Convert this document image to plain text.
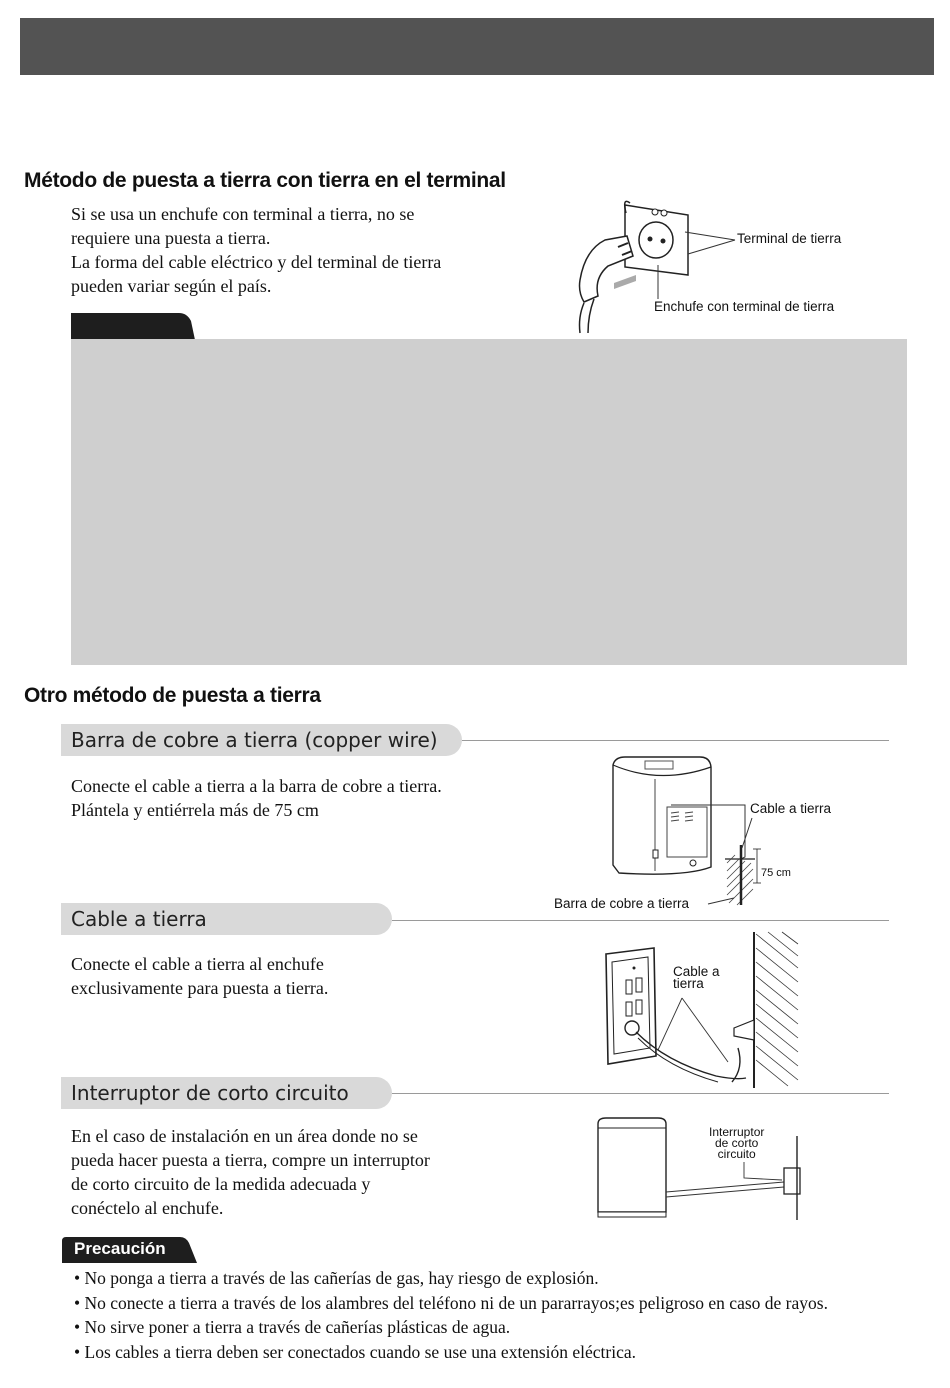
Método de puesta a tierra con tierra en el terminal

Si se usa un enchufe con terminal a tierra, no se

requiere una puesta a tierra.

La forma del cable eléctrico y del terminal de tierra

pueden variar según el país.

Terminal de tierra
Enchufe con terminal de tierra
Otro método de puesta a tierra
Barra de cobre a tierra (copper wire)

Conecte el cable a tierra a la barra de cobre a tierra.

Plántela y entiérrela más de 75 cm	Cable a tierra
75 cm
Barra de cobre a tierra
Cable a tierra

Conecte el cable a tierra al enchufe

exclusivamente para puesta a tierra.

Cable a
tierra
Interruptor de corto circuito

En el caso de instalación en un área donde no se

pueda hacer puesta a tierra, compre un interruptor

de corto circuito de la medida adecuada y

conéctelo al enchufe.

Interruptor
de corto
circuito
Precaución
• No ponga a tierra a través de las cañerías de gas, hay riesgo de explosión.
• No conecte a tierra a través de los alambres del teléfono ni de un pararrayos;es peligroso en caso de rayos.
• No sirve poner a tierra a través de cañerías plásticas de agua.
• Los cables a tierra deben ser conectados cuando se use una extensión eléctrica.
